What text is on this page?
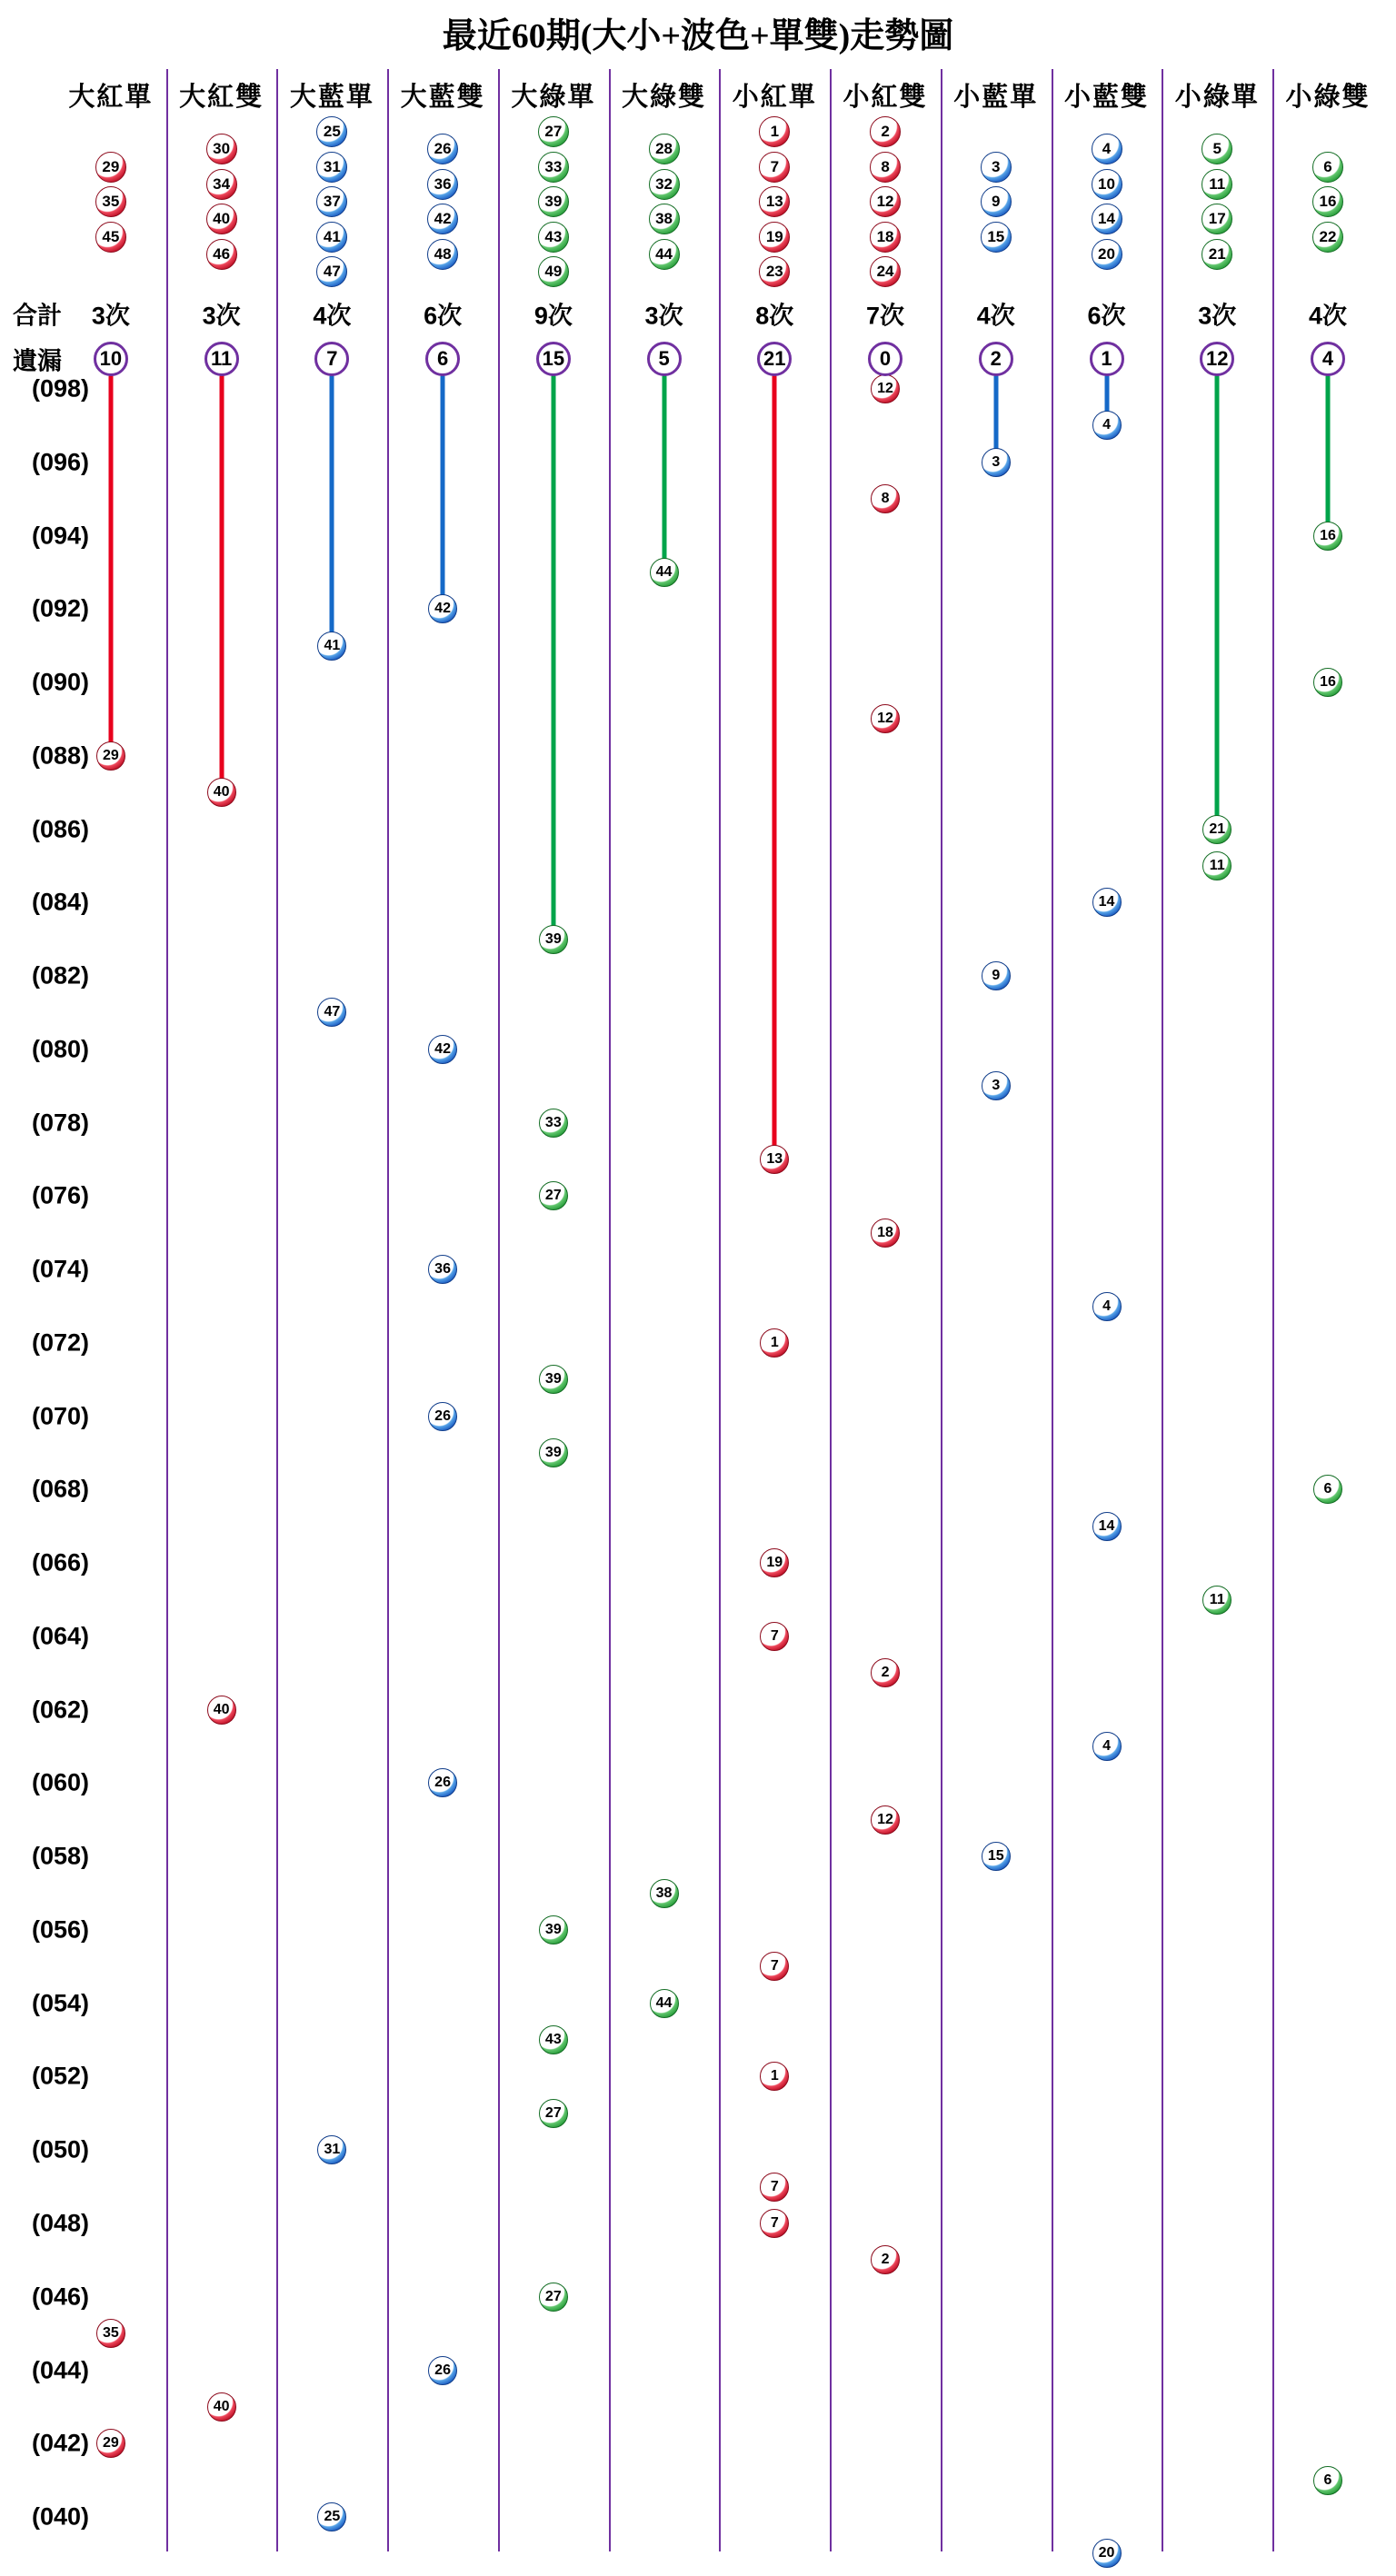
最近60期(大小+波色+單雙)走勢圖
合計
遺漏
(098)
(096)
(094)
(092)
(090)
(088)
(086)
(084)
(082)
(080)
(078)
(076)
(074)
(072)
(070)
(068)
(066)
(064)
(062)
(060)
(058)
(056)
(054)
(052)
(050)
(048)
(046)
(044)
(042)
(040)
大紅單
29
35
45
3次
10
29
35
29
大紅雙
30
34
40
46
3次
11
40
40
40
大藍單
25
31
37
41
47
4次
7
41
47
31
25
大藍雙
26
36
42
48
6次
6
42
42
36
26
26
26
大綠單
27
33
39
43
49
9次
15
39
33
27
39
39
39
43
27
27
大綠雙
28
32
38
44
3次
5
44
38
44
小紅單
1
7
13
19
23
8次
21
13
1
19
7
7
1
7
7
小紅雙
2
8
12
18
24
7次
0
12
8
12
18
2
12
2
小藍單
3
9
15
4次
2
3
9
3
15
小藍雙
4
10
14
20
6次
1
4
14
4
14
4
20
小綠單
5
11
17
21
3次
12
21
11
11
小綠雙
6
16
22
4次
4
16
16
6
6
